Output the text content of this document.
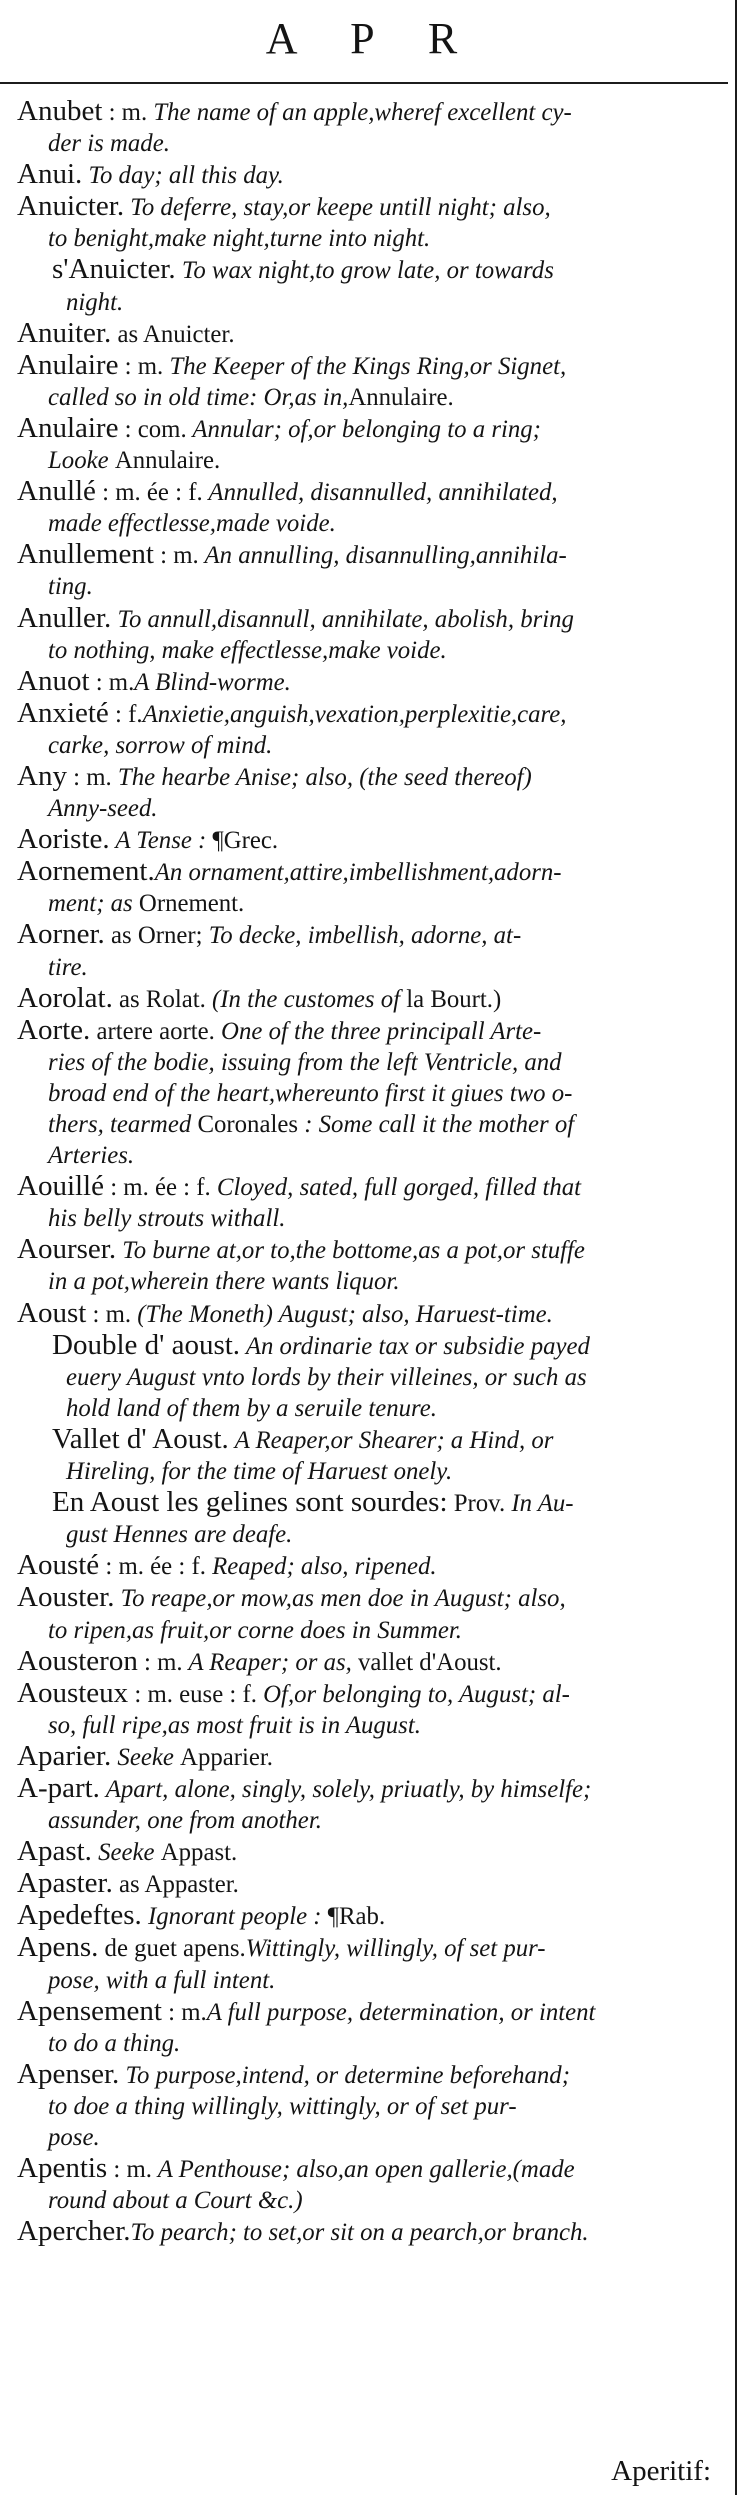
A P R

Anubet : m. The name of an apple,wheref excellent cy-
der is made.

Anui. To day; all this day.

Anuicter. To deferre, stay,or keepe untill night; also,
to benight,make night,turne into night.

s'Anuicter. To wax night,to grow late, or towards
night.

Anuiter. as Anuicter.

Anulaire : m. The Keeper of the Kings Ring,or Signet,
called so in old time: Or,as in,Annulaire.

Anulaire : com. Annular; of,or belonging to a ring;
Looke Annulaire.

Anullé : m. ée : f. Annulled, disannulled, annihilated,
made effectlesse,made voide.

Anullement : m. An annulling, disannulling,annihila-
ting.

Anuller. To annull,disannull, annihilate, abolish, bring
to nothing, make effectlesse,make voide.

Anuot : m.A Blind-worme.

Anxieté : f.Anxietie,anguish,vexation,perplexitie,care,
carke, sorrow of mind.

Any : m. The hearbe Anise; also, (the seed thereof)
Anny-seed.

Aoriste. A Tense : ¶Grec.

Aornement.An ornament,attire,imbellishment,adorn-
ment; as Ornement.

Aorner. as Orner; To decke, imbellish, adorne, at-
tire.

Aorolat. as Rolat. (In the customes of la Bourt.)

Aorte. artere aorte. One of the three principall Arte-
ries of the bodie, issuing from the left Ventricle, and
broad end of the heart,whereunto first it giues two o-
thers, tearmed Coronales : Some call it the mother of
Arteries.

Aouillé : m. ée : f. Cloyed, sated, full gorged, filled that
his belly strouts withall.

Aourser. To burne at,or to,the bottome,as a pot,or stuffe
in a pot,wherein there wants liquor.

Aoust : m. (The Moneth) August; also, Haruest-time.

Double d' aoust. An ordinarie tax or subsidie payed
euery August vnto lords by their villeines, or such as
hold land of them by a seruile tenure.

Vallet d' Aoust. A Reaper,or Shearer; a Hind, or
Hireling, for the time of Haruest onely.

En Aoust les gelines sont sourdes: Prov. In Au-
gust Hennes are deafe.

Aousté : m. ée : f. Reaped; also, ripened.

Aouster. To reape,or mow,as men doe in August; also,
to ripen,as fruit,or corne does in Summer.

Aousteron : m. A Reaper; or as, vallet d'Aoust.

Aousteux : m. euse : f. Of,or belonging to, August; al-
so, full ripe,as most fruit is in August.

Aparier. Seeke Apparier.

A-part. Apart, alone, singly, solely, priuatly, by himselfe;
assunder, one from another.

Apast. Seeke Appast.

Apaster. as Appaster.

Apedeftes. Ignorant people : ¶Rab.

Apens. de guet apens.Wittingly, willingly, of set pur-
pose, with a full intent.

Apensement : m.A full purpose, determination, or intent
to do a thing.

Apenser. To purpose,intend, or determine beforehand;
to doe a thing willingly, wittingly, or of set pur-
pose.

Apentis : m. A Penthouse; also,an open gallerie,(made
round about a Court &c.)

Apercher.To pearch; to set,or sit on a pearch,or branch.

Aperitif:
